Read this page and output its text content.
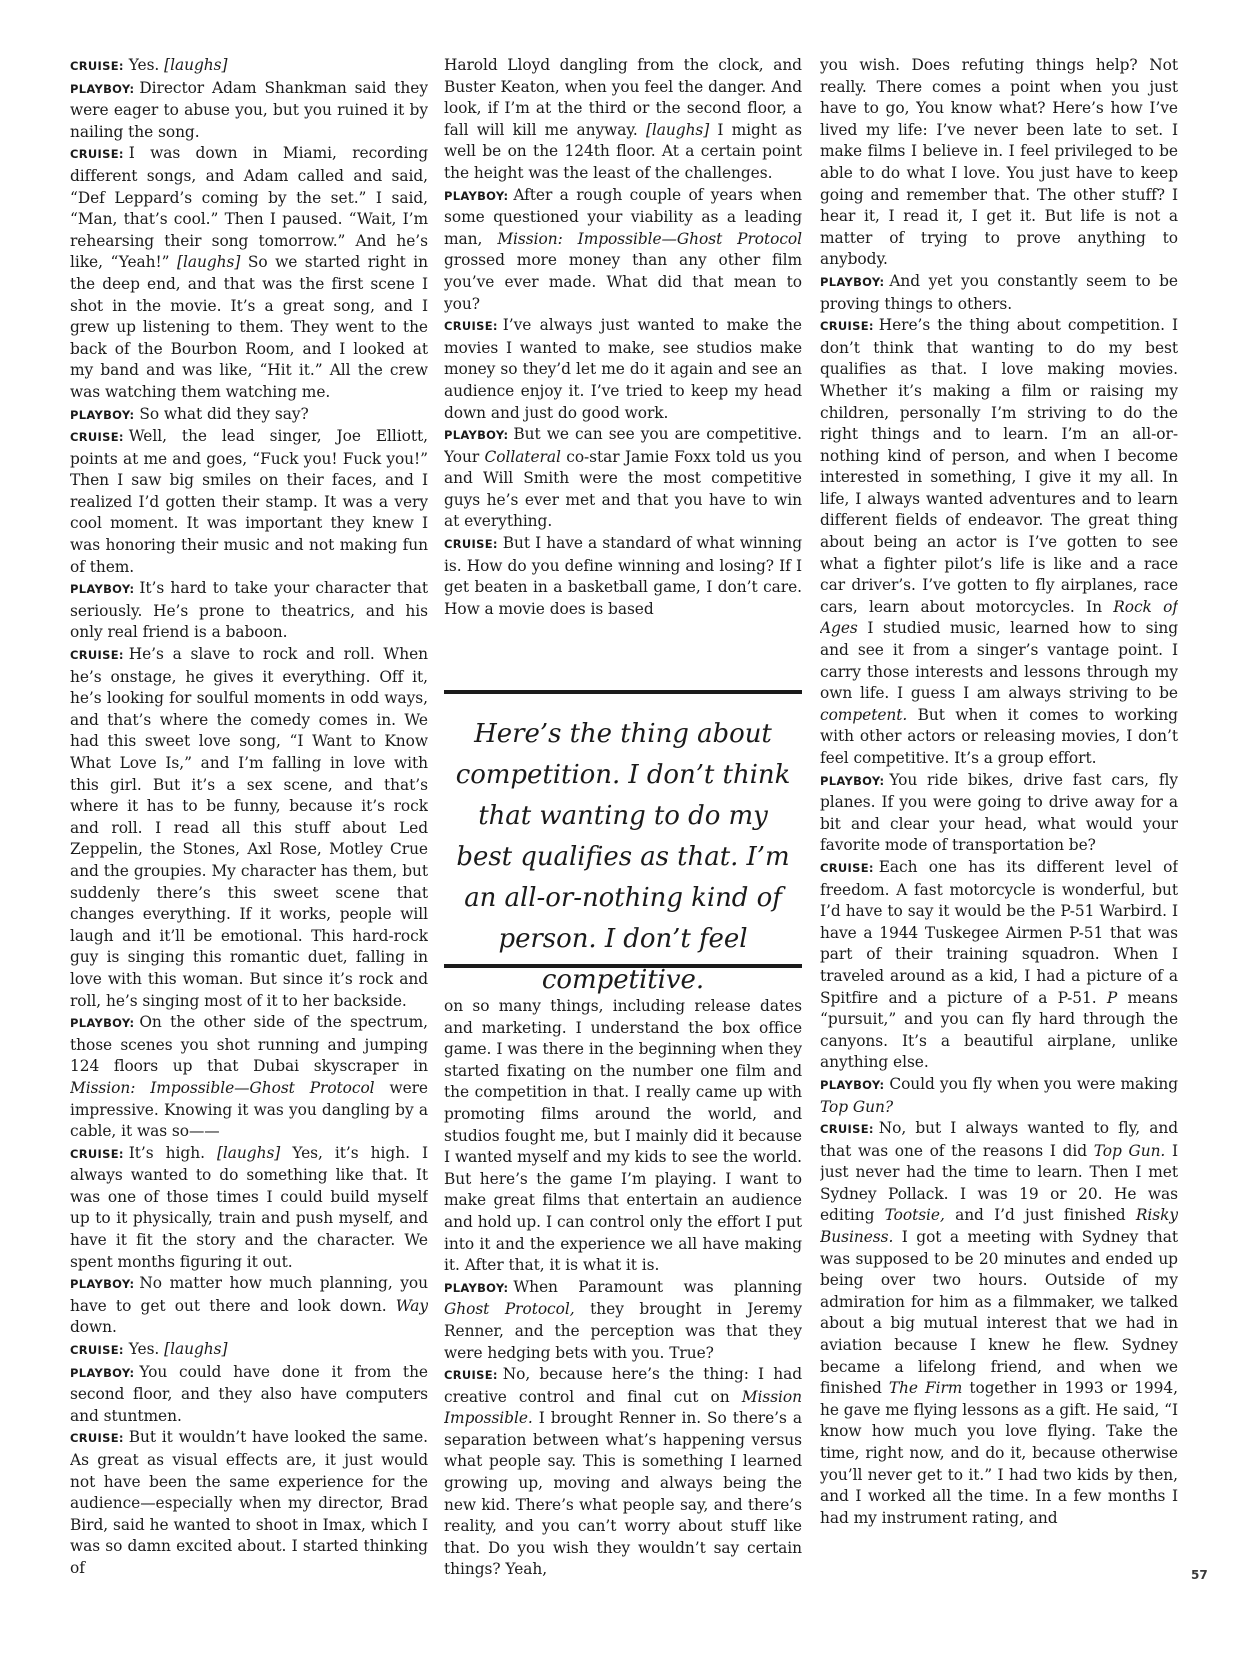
CRUISE: Yes. [laughs]

PLAYBOY: Director Adam Shankman said they were eager to abuse you, but you ruined it by nailing the song.

CRUISE: I was down in Miami, recording different songs, and Adam called and said, “Def Leppard’s coming by the set.” I said, “Man, that’s cool.” Then I paused. “Wait, I’m rehearsing their song tomorrow.” And he’s like, “Yeah!” [laughs] So we started right in the deep end, and that was the first scene I shot in the movie. It’s a great song, and I grew up listening to them. They went to the back of the Bourbon Room, and I looked at my band and was like, “Hit it.” All the crew was watching them watching me.

PLAYBOY: So what did they say?

CRUISE: Well, the lead singer, Joe Elliott, points at me and goes, “Fuck you! Fuck you!” Then I saw big smiles on their faces, and I realized I’d gotten their stamp. It was a very cool moment. It was important they knew I was honoring their music and not making fun of them.

PLAYBOY: It’s hard to take your character that seriously. He’s prone to theatrics, and his only real friend is a baboon.

CRUISE: He’s a slave to rock and roll. When he’s onstage, he gives it everything. Off it, he’s looking for soulful moments in odd ways, and that’s where the comedy comes in. We had this sweet love song, “I Want to Know What Love Is,” and I’m falling in love with this girl. But it’s a sex scene, and that’s where it has to be funny, because it’s rock and roll. I read all this stuff about Led Zeppelin, the Stones, Axl Rose, Motley Crue and the groupies. My character has them, but suddenly there’s this sweet scene that changes everything. If it works, people will laugh and it’ll be emotional. This hard-rock guy is singing this romantic duet, falling in love with this woman. But since it’s rock and roll, he’s singing most of it to her backside.

PLAYBOY: On the other side of the spectrum, those scenes you shot running and jumping 124 floors up that Dubai skyscraper in Mission: Impossible—Ghost Protocol were impressive. Knowing it was you dangling by a cable, it was so——

CRUISE: It’s high. [laughs] Yes, it’s high. I always wanted to do something like that. It was one of those times I could build myself up to it physically, train and push myself, and have it fit the story and the character. We spent months figuring it out.

PLAYBOY: No matter how much planning, you have to get out there and look down. Way down.

CRUISE: Yes. [laughs]

PLAYBOY: You could have done it from the second floor, and they also have computers and stuntmen.

CRUISE: But it wouldn’t have looked the same. As great as visual effects are, it just would not have been the same experience for the audience—especially when my director, Brad Bird, said he wanted to shoot in Imax, which I was so damn excited about. I started thinking of

Harold Lloyd dangling from the clock, and Buster Keaton, when you feel the danger. And look, if I’m at the third or the second floor, a fall will kill me anyway. [laughs] I might as well be on the 124th floor. At a certain point the height was the least of the challenges.

PLAYBOY: After a rough couple of years when some questioned your viability as a leading man, Mission: Impossible—Ghost Protocol grossed more money than any other film you’ve ever made. What did that mean to you?

CRUISE: I’ve always just wanted to make the movies I wanted to make, see studios make money so they’d let me do it again and see an audience enjoy it. I’ve tried to keep my head down and just do good work.

PLAYBOY: But we can see you are competitive. Your Collateral co-star Jamie Foxx told us you and Will Smith were the most competitive guys he’s ever met and that you have to win at everything.

CRUISE: But I have a standard of what winning is. How do you define winning and losing? If I get beaten in a basketball game, I don’t care. How a movie does is based

Here’s the thing about competition. I don’t think that wanting to do my best qualifies as that. I’m an all-or-nothing kind of person. I don’t feel competitive.

on so many things, including release dates and marketing. I understand the box office game. I was there in the beginning when they started fixating on the number one film and the competition in that. I really came up with promoting films around the world, and studios fought me, but I mainly did it because I wanted myself and my kids to see the world. But here’s the game I’m playing. I want to make great films that entertain an audience and hold up. I can control only the effort I put into it and the experience we all have making it. After that, it is what it is.

PLAYBOY: When Paramount was planning Ghost Protocol, they brought in Jeremy Renner, and the perception was that they were hedging bets with you. True?

CRUISE: No, because here’s the thing: I had creative control and final cut on Mission Impossible. I brought Renner in. So there’s a separation between what’s happening versus what people say. This is something I learned growing up, moving and always being the new kid. There’s what people say, and there’s reality, and you can’t worry about stuff like that. Do you wish they wouldn’t say certain things? Yeah,

you wish. Does refuting things help? Not really. There comes a point when you just have to go, You know what? Here’s how I’ve lived my life: I’ve never been late to set. I make films I believe in. I feel privileged to be able to do what I love. You just have to keep going and remember that. The other stuff? I hear it, I read it, I get it. But life is not a matter of trying to prove anything to anybody.

PLAYBOY: And yet you constantly seem to be proving things to others.

CRUISE: Here’s the thing about competition. I don’t think that wanting to do my best qualifies as that. I love making movies. Whether it’s making a film or raising my children, personally I’m striving to do the right things and to learn. I’m an all-or-nothing kind of person, and when I become interested in something, I give it my all. In life, I always wanted adventures and to learn different fields of endeavor. The great thing about being an actor is I’ve gotten to see what a fighter pilot’s life is like and a race car driver’s. I’ve gotten to fly airplanes, race cars, learn about motorcycles. In Rock of Ages I studied music, learned how to sing and see it from a singer’s vantage point. I carry those interests and lessons through my own life. I guess I am always striving to be competent. But when it comes to working with other actors or releasing movies, I don’t feel competitive. It’s a group effort.

PLAYBOY: You ride bikes, drive fast cars, fly planes. If you were going to drive away for a bit and clear your head, what would your favorite mode of transportation be?

CRUISE: Each one has its different level of freedom. A fast motorcycle is wonderful, but I’d have to say it would be the P-51 Warbird. I have a 1944 Tuskegee Airmen P-51 that was part of their training squadron. When I traveled around as a kid, I had a picture of a Spitfire and a picture of a P-51. P means “pursuit,” and you can fly hard through the canyons. It’s a beautiful airplane, unlike anything else.

PLAYBOY: Could you fly when you were making Top Gun?

CRUISE: No, but I always wanted to fly, and that was one of the reasons I did Top Gun. I just never had the time to learn. Then I met Sydney Pollack. I was 19 or 20. He was editing Tootsie, and I’d just finished Risky Business. I got a meeting with Sydney that was supposed to be 20 minutes and ended up being over two hours. Outside of my admiration for him as a filmmaker, we talked about a big mutual interest that we had in aviation because I knew he flew. Sydney became a lifelong friend, and when we finished The Firm together in 1993 or 1994, he gave me flying lessons as a gift. He said, “I know how much you love flying. Take the time, right now, and do it, because otherwise you’ll never get to it.” I had two kids by then, and I worked all the time. In a few months I had my instrument rating, and

57
